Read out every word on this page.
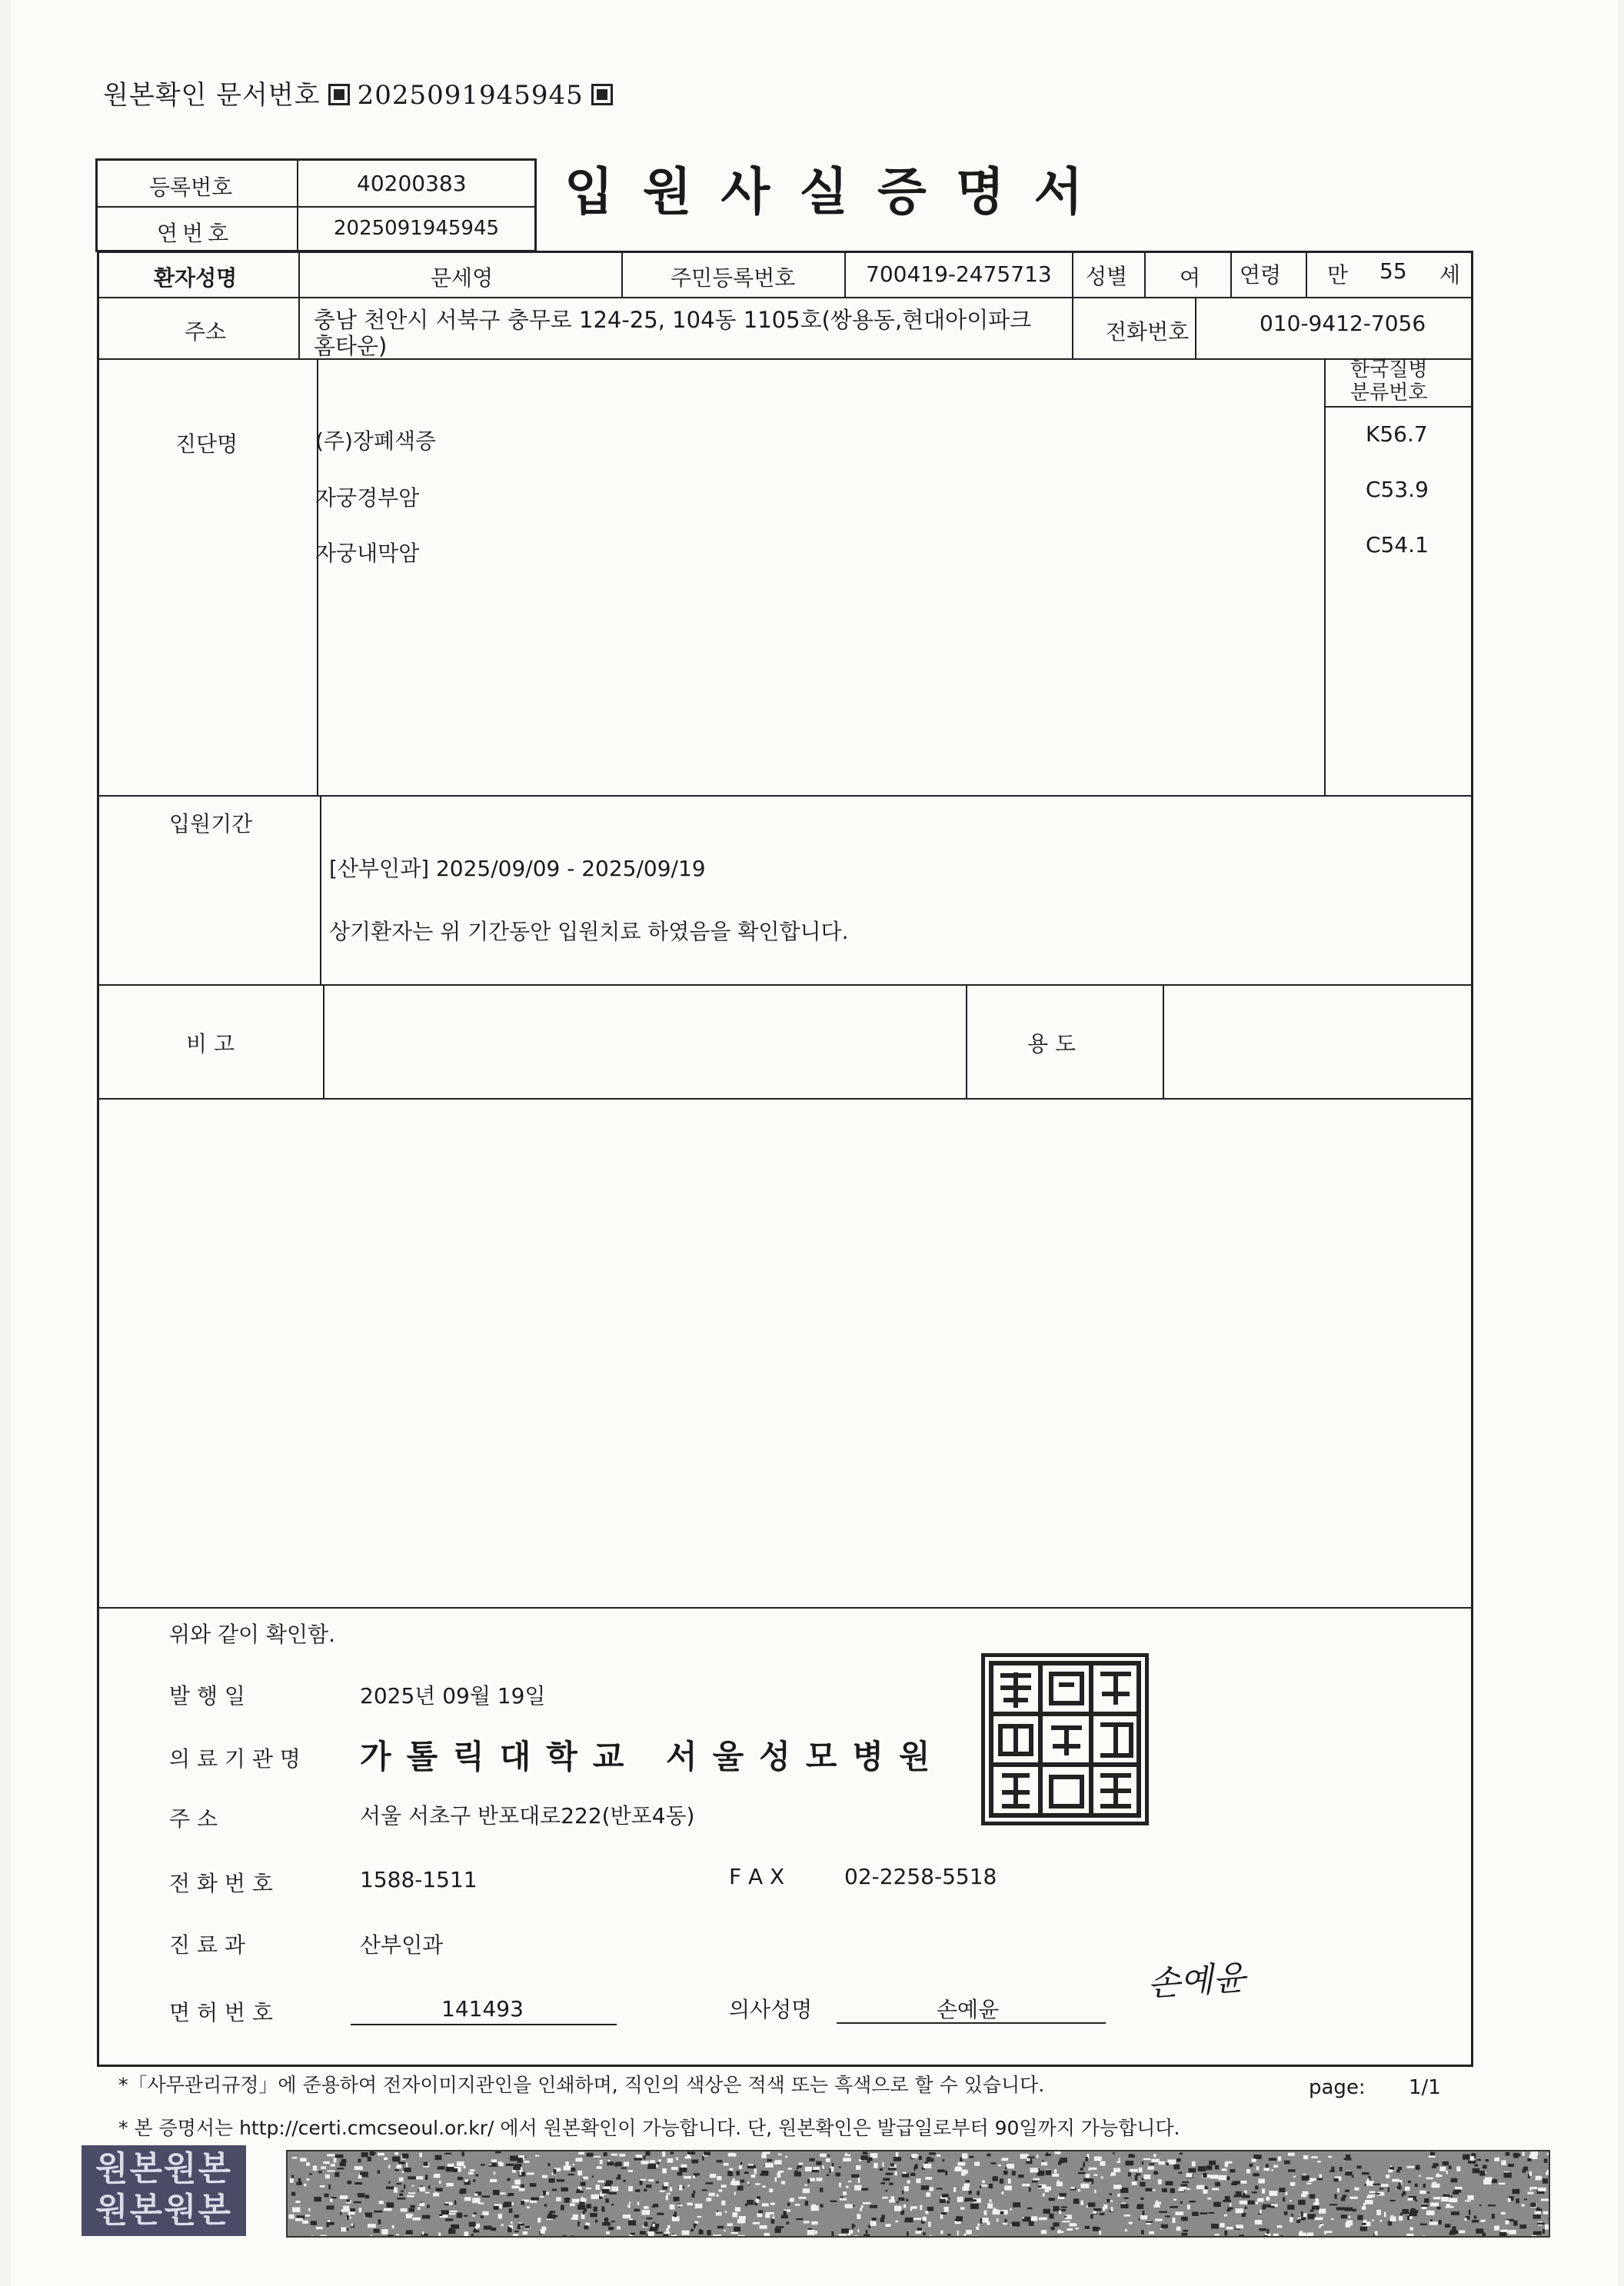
원본확인 문서번호 2025091945945
입원사실증명서
등록번호	40200383
연번호	2025091945945
환자성명	문세영	주민등록번호	700419-2475713 성별 여 연령 만 55 세
주소	충남 천안시 서북구 충무로 124-25, 104동 1105호(쌍용동,현대아이파크
홈타운)
전화번호	010-9412-7056
한국질병
분류번호
진단명	(주)장폐색증	K56.7
자궁경부암	C53.9
자궁내막암	C54.1
입원기간
[산부인과] 2025/09/09 - 2025/09/19
상기환자는 위 기간동안 입원치료 하였음을 확인합니다.
비 고	용 도
위와 같이 확인함.
발 행 일	2025년 09월 19일
의 료 기 관 명 가톨릭대학교 서울성모병원
주 소	서울 서초구 반포대로222(반포4동)
전 화 번 호	1588-1511	F A X	02-2258-5518
진 료 과	산부인과
면 허 번 호	141493	의사성명	손예윤
손예윤
*「사무관리규정」에 준용하여 전자이미지관인을 인쇄하며, 직인의 색상은 적색 또는 흑색으로 할 수 있습니다.	page: 1/1
* 본 증명서는 http://certi.cmcseoul.or.kr/ 에서 원본확인이 가능합니다. 단, 원본확인은 발급일로부터 90일까지 가능합니다.
원본원본원본원본
